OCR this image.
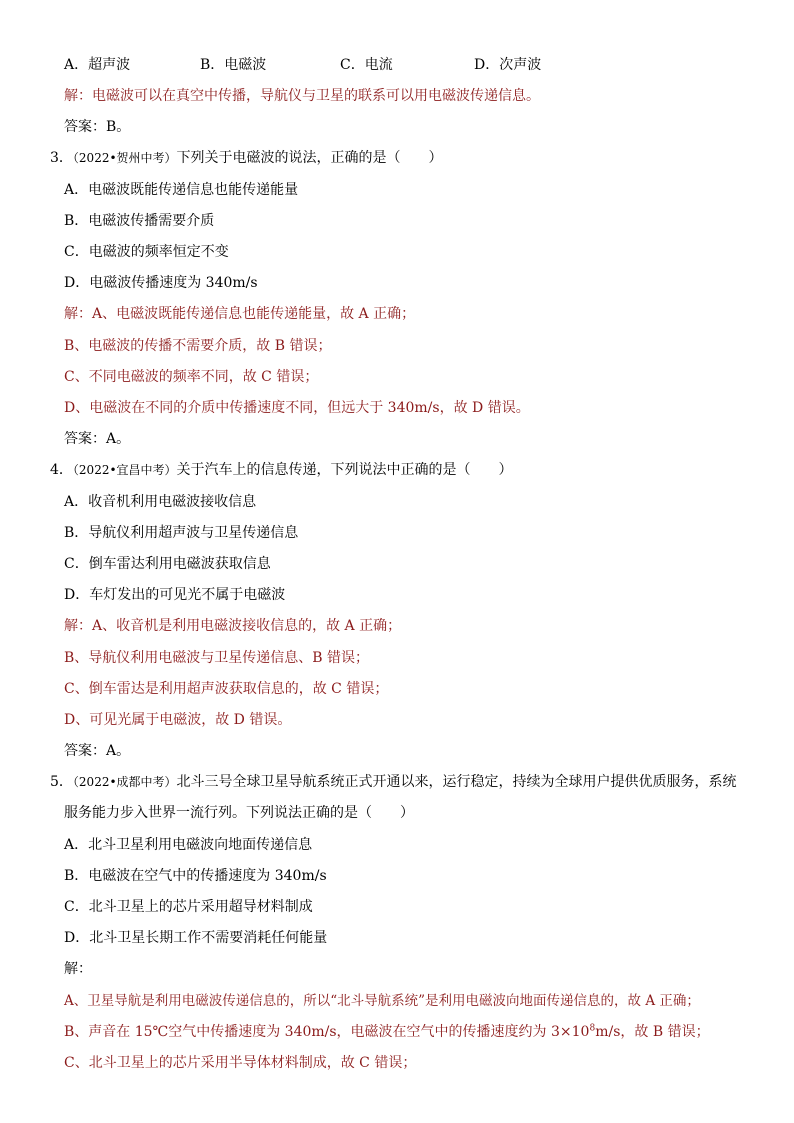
A．超声波	B．电磁波	C．电流	D．次声波
解：电磁波可以在真空中传播，导航仪与卫星的联系可以用电磁波传递信息。
答案：B。
3．（2022•贺州中考）下列关于电磁波的说法，正确的是（　　）
A．电磁波既能传递信息也能传递能量
B．电磁波传播需要介质
C．电磁波的频率恒定不变
D．电磁波传播速度为 340m/s
解：A、电磁波既能传递信息也能传递能量，故 A 正确；
B、电磁波的传播不需要介质，故 B 错误；
C、不同电磁波的频率不同，故 C 错误；
D、电磁波在不同的介质中传播速度不同，但远大于 340m/s，故 D 错误。
答案：A。
4．（2022•宜昌中考）关于汽车上的信息传递，下列说法中正确的是（　　）
A．收音机利用电磁波接收信息
B．导航仪利用超声波与卫星传递信息
C．倒车雷达利用电磁波获取信息
D．车灯发出的可见光不属于电磁波
解：A、收音机是利用电磁波接收信息的，故 A 正确；
B、导航仪利用电磁波与卫星传递信息、B 错误；
C、倒车雷达是利用超声波获取信息的，故 C 错误；
D、可见光属于电磁波，故 D 错误。
答案：A。
5．（2022•成都中考）北斗三号全球卫星导航系统正式开通以来，运行稳定，持续为全球用户提供优质服务，系统
服务能力步入世界一流行列。下列说法正确的是（　　）
A．北斗卫星利用电磁波向地面传递信息
B．电磁波在空气中的传播速度为 340m/s
C．北斗卫星上的芯片采用超导材料制成
D．北斗卫星长期工作不需要消耗任何能量
解：
A、卫星导航是利用电磁波传递信息的，所以“北斗导航系统”是利用电磁波向地面传递信息的，故 A 正确；
B、声音在 15℃空气中传播速度为 340m/s，电磁波在空气中的传播速度约为 $3\times 10^8m/s$，故 B 错误；
C、北斗卫星上的芯片采用半导体材料制成，故 C 错误；
